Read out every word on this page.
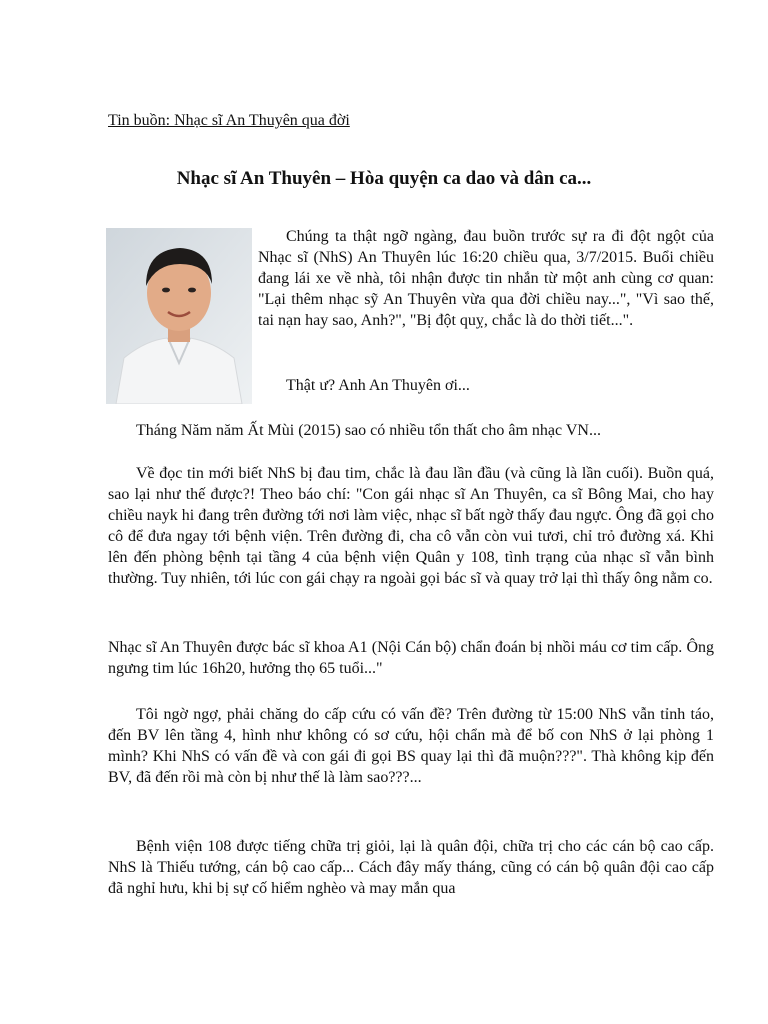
Tin buồn: Nhạc sĩ An Thuyên qua đời

Nhạc sĩ An Thuyên – Hòa quyện ca dao và dân ca...

Chúng ta thật ngỡ ngàng, đau buồn trước sự ra đi đột ngột của Nhạc sĩ (NhS) An Thuyên lúc 16:20 chiều qua, 3/7/2015. Buổi chiều đang lái xe về nhà, tôi nhận được tin nhắn từ một anh cùng cơ quan: "Lại thêm nhạc sỹ An Thuyên vừa qua đời chiều nay...", "Vì sao thế, tai nạn hay sao, Anh?", "Bị đột quỵ, chắc là do thời tiết...".

Thật ư? Anh An Thuyên ơi...

Tháng Năm năm Ất Mùi (2015) sao có nhiều tổn thất cho âm nhạc VN...

Về đọc tin mới biết NhS bị đau tim, chắc là đau lần đầu (và cũng là lần cuối). Buồn quá, sao lại như thế được?! Theo báo chí: "Con gái nhạc sĩ An Thuyên, ca sĩ Bông Mai, cho hay chiều nayk hi đang trên đường tới nơi làm việc, nhạc sĩ bất ngờ thấy đau ngực. Ông đã gọi cho cô để đưa ngay tới bệnh viện. Trên đường đi, cha cô vẫn còn vui tươi, chỉ trỏ đường xá. Khi lên đến phòng bệnh tại tầng 4 của bệnh viện Quân y 108, tình trạng của nhạc sĩ vẫn bình thường. Tuy nhiên, tới lúc con gái chạy ra ngoài gọi bác sĩ và quay trở lại thì thấy ông nằm co.

Nhạc sĩ An Thuyên được bác sĩ khoa A1 (Nội Cán bộ) chẩn đoán bị nhồi máu cơ tim cấp. Ông ngưng tim lúc 16h20, hưởng thọ 65 tuổi..."

Tôi ngờ ngợ, phải chăng do cấp cứu có vấn đề? Trên đường từ 15:00 NhS vẫn tỉnh táo, đến BV lên tầng 4, hình như không có sơ cứu, hội chẩn mà để bố con NhS ở lại phòng 1 mình? Khi NhS có vấn đề và con gái đi gọi BS quay lại thì đã muộn???". Thà không kịp đến BV, đã đến rồi mà còn bị như thế là làm sao???...

Bệnh viện 108 được tiếng chữa trị giỏi, lại là quân đội, chữa trị cho các cán bộ cao cấp. NhS là Thiếu tướng, cán bộ cao cấp... Cách đây mấy tháng, cũng có cán bộ quân đội cao cấp đã nghỉ hưu, khi bị sự cố hiểm nghèo và may mắn qua
